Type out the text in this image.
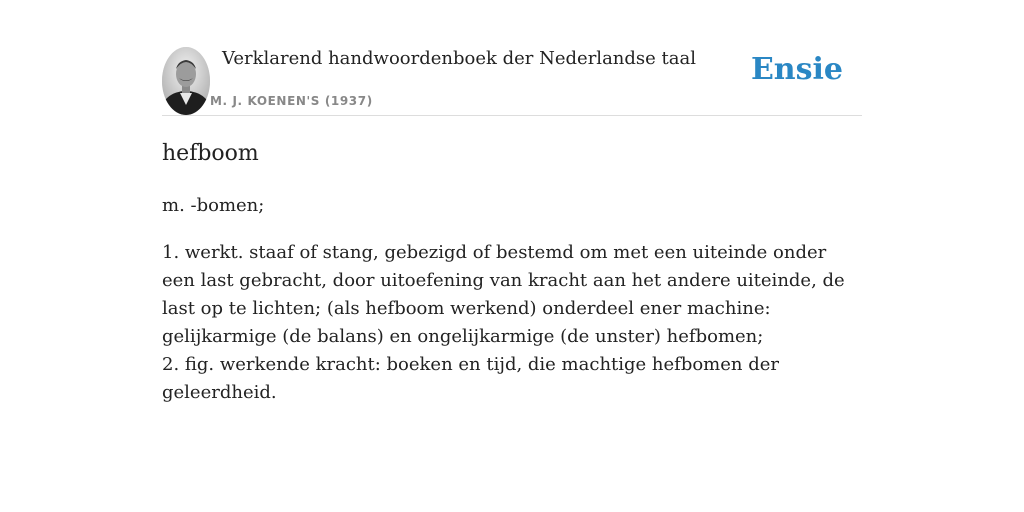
Verklarend handwoordenboek der Nederlandse taal
M. J. KOENEN'S (1937)
Ensie
hefboom

m. -bomen;

1. werkt. staaf of stang, gebezigd of bestemd om met een uiteinde onder een last gebracht, door uitoefening van kracht aan het andere uiteinde, de last op te lichten; (als hefboom werkend) onderdeel ener machine: gelijkarmige (de balans) en ongelijkarmige (de unster) hefbomen;

2. fig. werkende kracht: boeken en tijd, die machtige hefbomen der geleerdheid.
